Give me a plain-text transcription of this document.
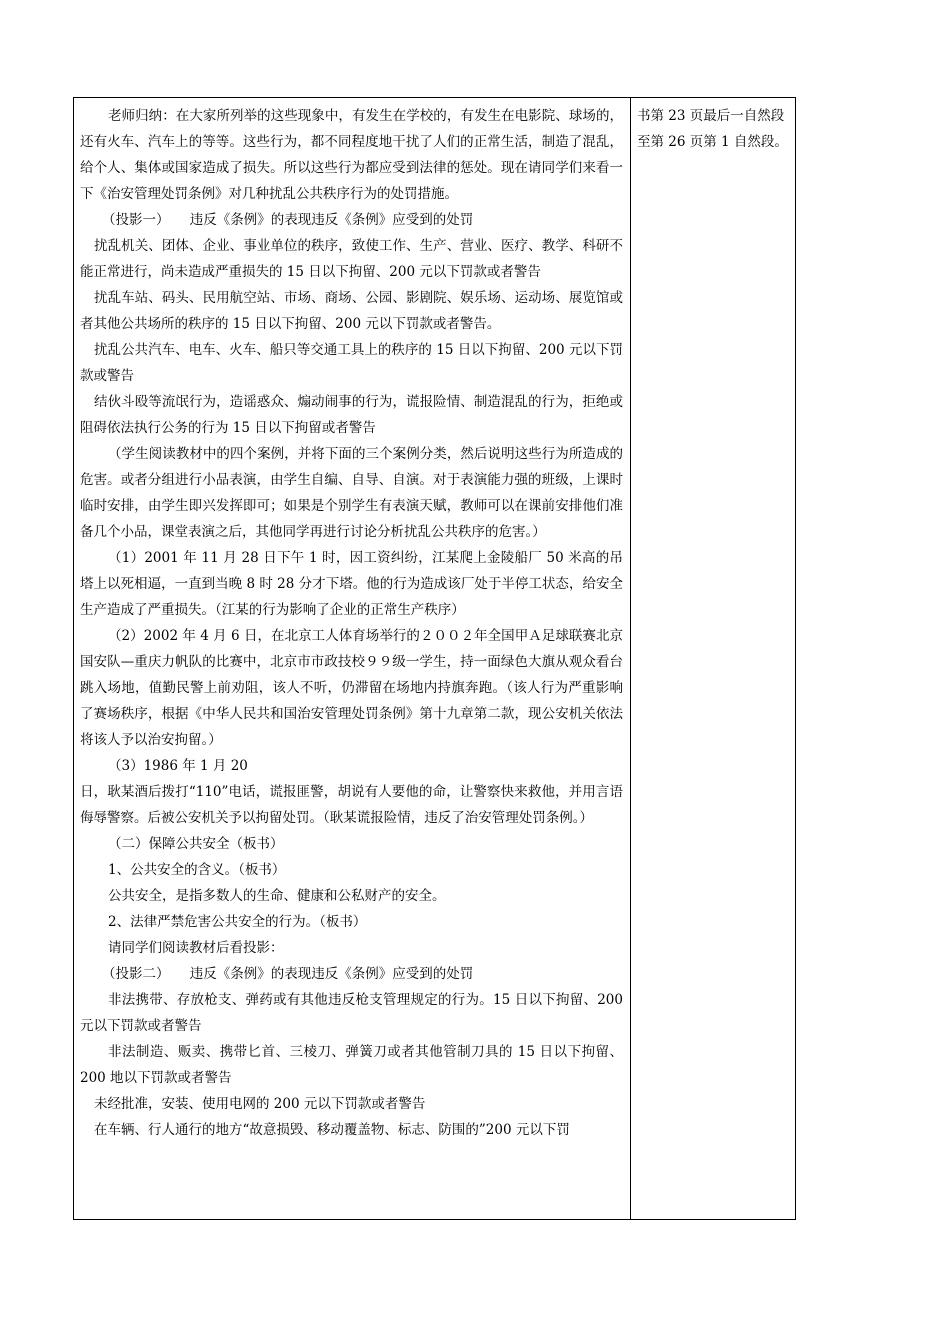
老师归纳：在大家所列举的这些现象中，有发生在学校的，有发生在电影院、球场的，还有火车、汽车上的等等。这些行为，都不同程度地干扰了人们的正常生活，制造了混乱，给个人、集体或国家造成了损失。所以这些行为都应受到法律的惩处。现在请同学们来看一下《治安管理处罚条例》对几种扰乱公共秩序行为的处罚措施。

（投影一）　　违反《条例》的表现违反《条例》应受到的处罚

扰乱机关、团体、企业、事业单位的秩序，致使工作、生产、营业、医疗、教学、科研不能正常进行，尚未造成严重损失的 15 日以下拘留、200 元以下罚款或者警告

扰乱车站、码头、民用航空站、市场、商场、公园、影剧院、娱乐场、运动场、展览馆或者其他公共场所的秩序的 15 日以下拘留、200 元以下罚款或者警告。

扰乱公共汽车、电车、火车、船只等交通工具上的秩序的 15 日以下拘留、200 元以下罚款或警告

结伙斗殴等流氓行为，造谣惑众、煽动闹事的行为，谎报险情、制造混乱的行为，拒绝或阻碍依法执行公务的行为 15 日以下拘留或者警告

（学生阅读教材中的四个案例，并将下面的三个案例分类，然后说明这些行为所造成的危害。或者分组进行小品表演，由学生自编、自导、自演。对于表演能力强的班级，上课时临时安排，由学生即兴发挥即可；如果是个别学生有表演天赋，教师可以在课前安排他们准备几个小品，课堂表演之后，其他同学再进行讨论分析扰乱公共秩序的危害。）

（1）2001 年 11 月 28 日下午 1 时，因工资纠纷，江某爬上金陵船厂 50 米高的吊塔上以死相逼，一直到当晚 8 时 28 分才下塔。他的行为造成该厂处于半停工状态，给安全生产造成了严重损失。（江某的行为影响了企业的正常生产秩序）

（2）2002 年 4 月 6 日，在北京工人体育场举行的２００２年全国甲Ａ足球联赛北京国安队—重庆力帆队的比赛中，北京市市政技校９９级一学生，持一面绿色大旗从观众看台跳入场地，值勤民警上前劝阻，该人不听，仍滞留在场地内持旗奔跑。（该人行为严重影响了赛场秩序，根据《中华人民共和国治安管理处罚条例》第十九章第二款，现公安机关依法将该人予以治安拘留。）

（3）1986 年 1 月 20

日，耿某酒后拨打“110”电话，谎报匪警，胡说有人要他的命，让警察快来救他，并用言语侮辱警察。后被公安机关予以拘留处罚。（耿某谎报险情，违反了治安管理处罚条例。）

（二）保障公共安全（板书）

1、公共安全的含义。（板书）

公共安全，是指多数人的生命、健康和公私财产的安全。

2、法律严禁危害公共安全的行为。（板书）

请同学们阅读教材后看投影：

（投影二）　　违反《条例》的表现违反《条例》应受到的处罚

非法携带、存放枪支、弹药或有其他违反枪支管理规定的行为。15 日以下拘留、200 元以下罚款或者警告

非法制造、贩卖、携带匕首、三棱刀、弹簧刀或者其他管制刀具的 15 日以下拘留、200 地以下罚款或者警告

未经批准，安装、使用电网的 200 元以下罚款或者警告

在车辆、行人通行的地方“故意损毁、移动覆盖物、标志、防围的”200 元以下罚

书第 23 页最后一自然段至第 26 页第 1 自然段。
